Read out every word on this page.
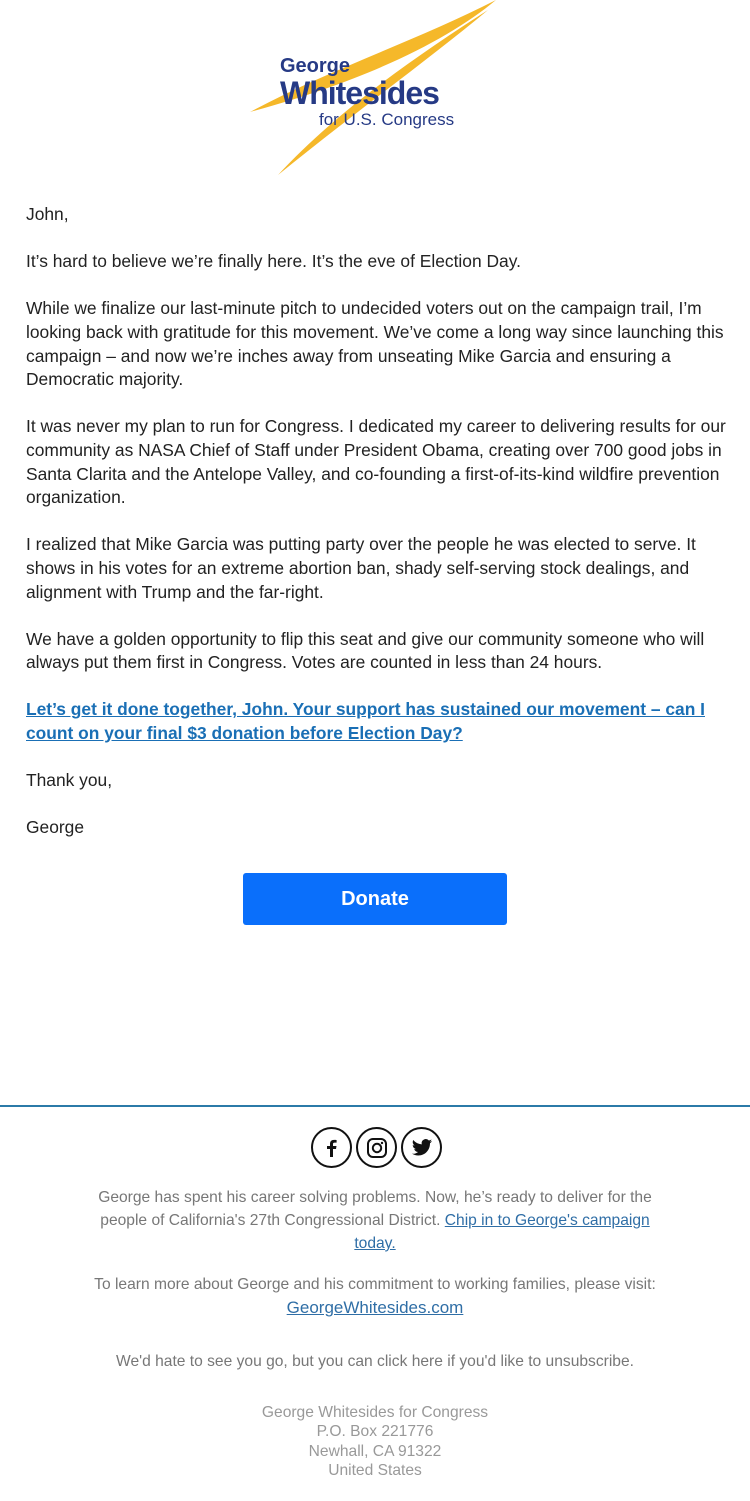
George
Whitesides
for U.S. Congress

John,

It’s hard to believe we’re finally here. It’s the eve of Election Day.

While we finalize our last-minute pitch to undecided voters out on the campaign trail, I’m looking back with gratitude for this movement. We’ve come a long way since launching this campaign – and now we’re inches away from unseating Mike Garcia and ensuring a Democratic majority.

It was never my plan to run for Congress. I dedicated my career to delivering results for our community as NASA Chief of Staff under President Obama, creating over 700 good jobs in Santa Clarita and the Antelope Valley, and co-founding a first-of-its-kind wildfire prevention organization.

I realized that Mike Garcia was putting party over the people he was elected to serve. It shows in his votes for an extreme abortion ban, shady self-serving stock dealings, and alignment with Trump and the far-right.

We have a golden opportunity to flip this seat and give our community someone who will always put them first in Congress. Votes are counted in less than 24 hours.

Let’s get it done together, John. Your support has sustained our movement – can I count on your final $3 donation before Election Day?

Thank you,

George

Donate

George has spent his career solving problems. Now, he’s ready to deliver for the people of California's 27th Congressional District. Chip in to George's campaign today.

To learn more about George and his commitment to working families, please visit:
GeorgeWhitesides.com

We'd hate to see you go, but you can click here if you'd like to unsubscribe.

George Whitesides for Congress
P.O. Box 221776
Newhall, CA 91322
United States
